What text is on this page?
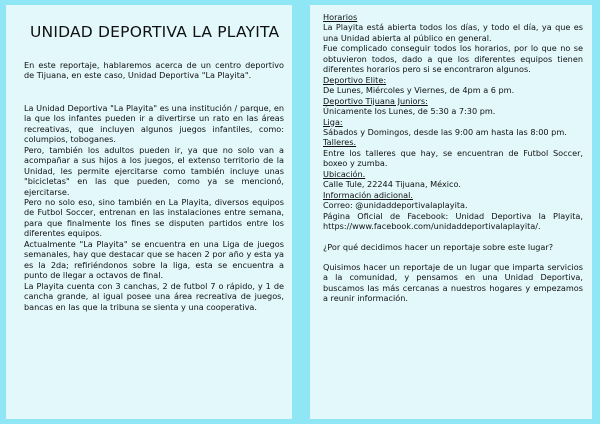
UNIDAD DEPORTIVA LA PLAYITA

En este reportaje, hablaremos acerca de un centro deportivo de Tijuana, en este caso, Unidad Deportiva "La Playita".

La Unidad Deportiva "La Playita" es una institución / parque, en la que los infantes pueden ir a divertirse un rato en las áreas recreativas, que incluyen algunos juegos infantiles, como: columpios, toboganes.

Pero, también los adultos pueden ir, ya que no solo van a acompañar a sus hijos a los juegos, el extenso territorio de la Unidad, les permite ejercitarse como también incluye unas "bicicletas" en las que pueden, como ya se mencionó, ejercitarse.

Pero no solo eso, sino también en La Playita, diversos equipos de Futbol Soccer, entrenan en las instalaciones entre semana, para que finalmente los fines se disputen partidos entre los diferentes equipos.

Actualmente "La Playita" se encuentra en una Liga de juegos semanales, hay que destacar que se hacen 2 por año y esta ya es la 2da; refiriéndonos sobre la liga, esta se encuentra a punto de llegar a octavos de final.

La Playita cuenta con 3 canchas, 2 de futbol 7 o rápido, y 1 de cancha grande, al igual posee una área recreativa de juegos, bancas en las que la tribuna se sienta y una cooperativa.

Horarios

La Playita está abierta todos los días, y todo el día, ya que es una Unidad abierta al público en general.

Fue complicado conseguir todos los horarios, por lo que no se obtuvieron todos, dado a que los diferentes equipos tienen diferentes horarios pero si se encontraron algunos.

Deportivo Elite:

De Lunes, Miércoles y Viernes, de 4pm a 6 pm.

Deportivo Tijuana Juniors:

Únicamente los Lunes, de 5:30 a 7:30 pm.

Liga:

Sábados y Domingos, desde las 9:00 am hasta las 8:00 pm.

Talleres.

Entre los talleres que hay, se encuentran de Futbol Soccer, boxeo y zumba.

Ubicación.

Calle Tule, 22244 Tijuana, México.

Información adicional.

Correo: @unidaddeportivalaplayita.

Página Oficial de Facebook: Unidad Deportiva la Playita, https://www.facebook.com/unidaddeportivalaplayita/.

¿Por qué decidimos hacer un reportaje sobre este lugar?

Quisimos hacer un reportaje de un lugar que imparta servicios a la comunidad, y pensamos en una Unidad Deportiva, buscamos las más cercanas a nuestros hogares y empezamos a reunir información.
